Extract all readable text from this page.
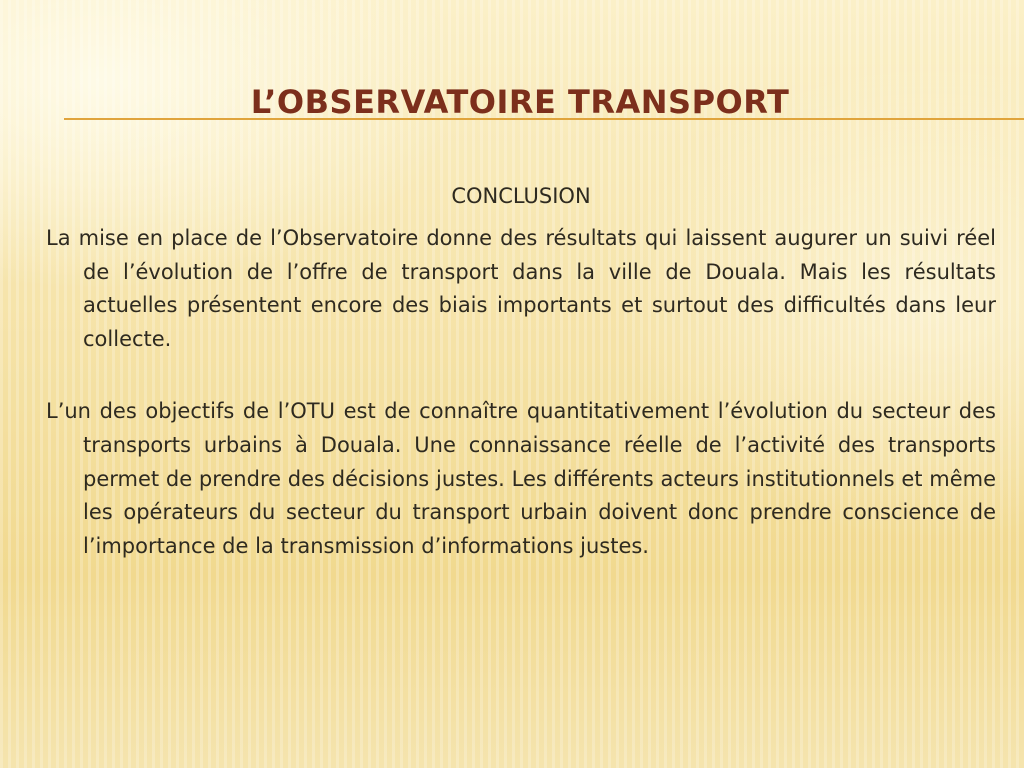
L’OBSERVATOIRE TRANSPORT

CONCLUSION

La mise en place de l’Observatoire donne des résultats qui laissent augurer un suivi réel de l’évolution de l’offre de transport dans la ville de Douala. Mais les résultats actuelles présentent encore des biais importants et surtout des difficultés dans leur collecte.

L’un des objectifs de l’OTU est de connaître quantitativement l’évolution du secteur des transports urbains à Douala. Une connaissance réelle de l’activité des transports permet de prendre des décisions justes. Les différents acteurs institutionnels et même les opérateurs du secteur du transport urbain doivent donc prendre conscience de l’importance de la transmission d’informations justes.
